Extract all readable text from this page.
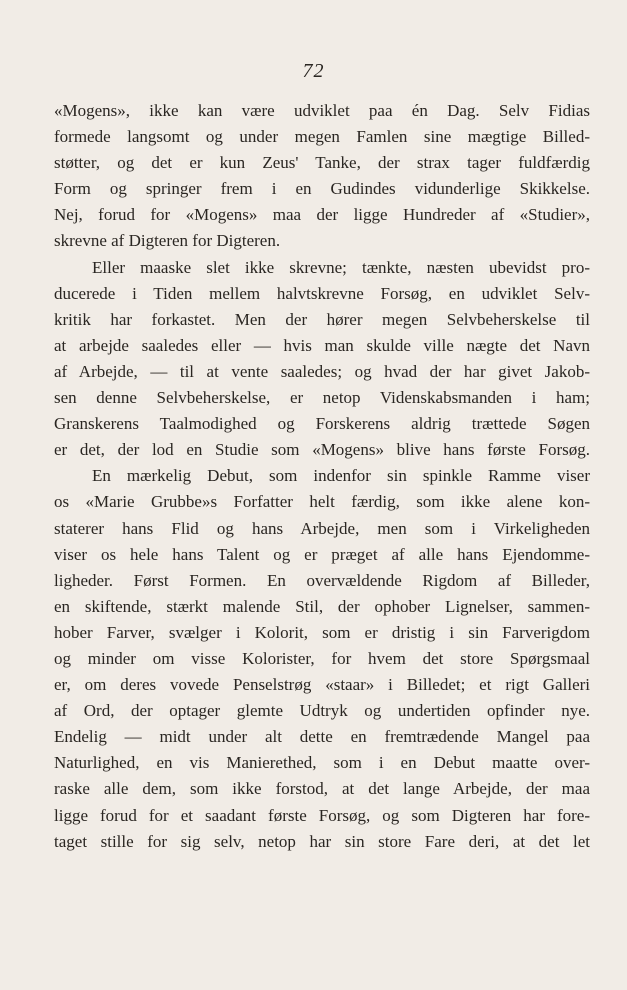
72
«Mogens», ikke kan være udviklet paa én Dag. Selv Fidias
formede langsomt og under megen Famlen sine mægtige Billed-
støtter, og det er kun Zeus' Tanke, der strax tager fuldfærdig
Form og springer frem i en Gudindes vidunderlige Skikkelse.
Nej, forud for «Mogens» maa der ligge Hundreder af «Studier»,
skrevne af Digteren for Digteren.
Eller maaske slet ikke skrevne; tænkte, næsten ubevidst pro-
ducerede i Tiden mellem halvtskrevne Forsøg, en udviklet Selv-
kritik har forkastet. Men der hører megen Selvbeherskelse til
at arbejde saaledes eller — hvis man skulde ville nægte det Navn
af Arbejde, — til at vente saaledes; og hvad der har givet Jakob-
sen denne Selvbeherskelse, er netop Videnskabsmanden i ham;
Granskerens Taalmodighed og Forskerens aldrig trættede Søgen
er det, der lod en Studie som «Mogens» blive hans første Forsøg.
En mærkelig Debut, som indenfor sin spinkle Ramme viser
os «Marie Grubbe»s Forfatter helt færdig, som ikke alene kon-
staterer hans Flid og hans Arbejde, men som i Virkeligheden
viser os hele hans Talent og er præget af alle hans Ejendomme-
ligheder. Først Formen. En overvældende Rigdom af Billeder,
en skiftende, stærkt malende Stil, der ophober Lignelser, sammen-
hober Farver, svælger i Kolorit, som er dristig i sin Farverigdom
og minder om visse Kolorister, for hvem det store Spørgsmaal
er, om deres vovede Penselstrøg «staar» i Billedet; et rigt Galleri
af Ord, der optager glemte Udtryk og undertiden opfinder nye.
Endelig — midt under alt dette en fremtrædende Mangel paa
Naturlighed, en vis Manierethed, som i en Debut maatte over-
raske alle dem, som ikke forstod, at det lange Arbejde, der maa
ligge forud for et saadant første Forsøg, og som Digteren har fore-
taget stille for sig selv, netop har sin store Fare deri, at det let
